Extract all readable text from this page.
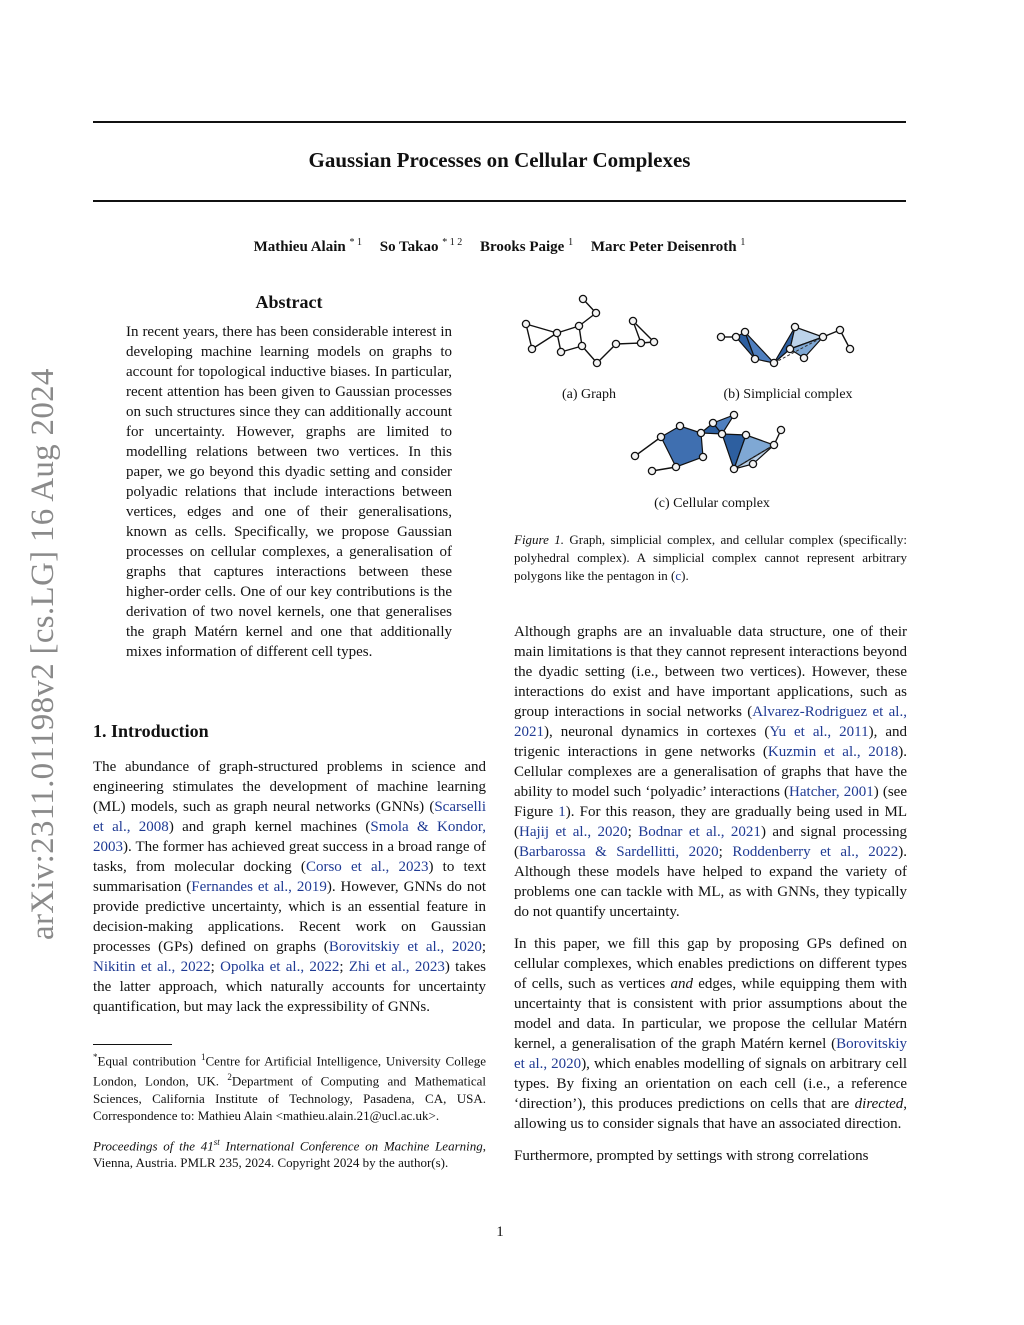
Gaussian Processes on Cellular Complexes
Mathieu Alain $^{* 1}$ So Takao $^{* 1 2}$ Brooks Paige $^1$ Marc Peter Deisenroth $^1$
arXiv:2311.01198v2 [cs.LG] 16 Aug 2024
Abstract
In recent years, there has been considerable interest in developing machine learning models on graphs to account for topological inductive biases. In particular, recent attention has been given to Gaussian processes on such structures since they can additionally account for uncertainty. However, graphs are limited to modelling relations between two vertices. In this paper, we go beyond this dyadic setting and consider polyadic relations that include interactions between vertices, edges and one of their generalisations, known as cells. Specifically, we propose Gaussian processes on cellular complexes, a generalisation of graphs that captures interactions between these higher-order cells. One of our key contributions is the derivation of two novel kernels, one that generalises the graph Matérn kernel and one that additionally mixes information of different cell types.
1. Introduction

The abundance of graph-structured problems in science and engineering stimulates the development of machine learning (ML) models, such as graph neural networks (GNNs) (Scarselli et al., 2008) and graph kernel machines (Smola & Kondor, 2003). The former has achieved great success in a broad range of tasks, from molecular docking (Corso et al., 2023) to text summarisation (Fernandes et al., 2019). However, GNNs do not provide predictive uncertainty, which is an essential feature in decision-making applications. Recent work on Gaussian processes (GPs) defined on graphs (Borovitskiy et al., 2020; Nikitin et al., 2022; Opolka et al., 2022; Zhi et al., 2023) takes the latter approach, which naturally accounts for uncertainty quantification, but may lack the expressibility of GNNs.

*Equal contribution $^1$Centre for Artificial Intelligence, University College London, London, UK. $^2$Department of Computing and Mathematical Sciences, California Institute of Technology, Pasadena, CA, USA. Correspondence to: Mathieu Alain <mathieu.alain.21@ucl.ac.uk>.

Proceedings of the 41st International Conference on Machine Learning, Vienna, Austria. PMLR 235, 2024. Copyright 2024 by the author(s).

(a) Graph	(b) Simplicial complex
(c) Cellular complex
Figure 1. Graph, simplicial complex, and cellular complex (specifically: polyhedral complex). A simplicial complex cannot represent arbitrary polygons like the pentagon in (c).

Although graphs are an invaluable data structure, one of their main limitations is that they cannot represent interactions beyond the dyadic setting (i.e., between two vertices). However, these interactions do exist and have important applications, such as group interactions in social networks (Alvarez-Rodriguez et al., 2021), neuronal dynamics in cortexes (Yu et al., 2011), and trigenic interactions in gene networks (Kuzmin et al., 2018). Cellular complexes are a generalisation of graphs that have the ability to model such ‘polyadic’ interactions (Hatcher, 2001) (see Figure 1). For this reason, they are gradually being used in ML (Hajij et al., 2020; Bodnar et al., 2021) and signal processing (Barbarossa & Sardellitti, 2020; Roddenberry et al., 2022). Although these models have helped to expand the variety of problems one can tackle with ML, as with GNNs, they typically do not quantify uncertainty.

In this paper, we fill this gap by proposing GPs defined on cellular complexes, which enables predictions on different types of cells, such as vertices and edges, while equipping them with uncertainty that is consistent with prior assumptions about the model and data. In particular, we propose the cellular Matérn kernel, a generalisation of the graph Matérn kernel (Borovitskiy et al., 2020), which enables modelling of signals on arbitrary cell types. By fixing an orientation on each cell (i.e., a reference ‘direction’), this produces predictions on cells that are directed, allowing us to consider signals that have an associated direction.

Furthermore, prompted by settings with strong correlations

1
